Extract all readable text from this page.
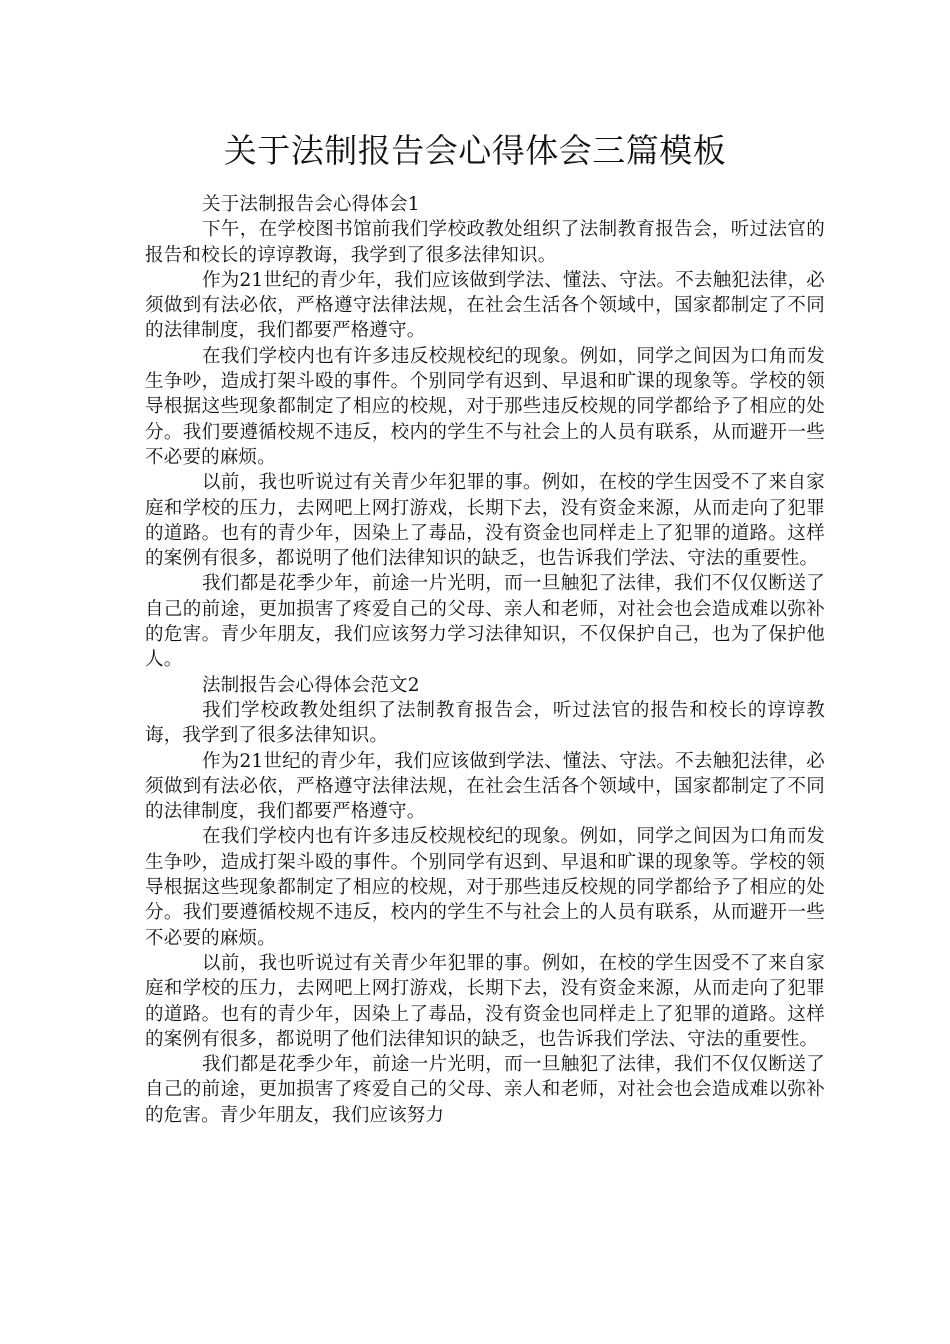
关于法制报告会心得体会三篇模板

关于法制报告会心得体会1

下午，在学校图书馆前我们学校政教处组织了法制教育报告会，听过法官的报告和校长的谆谆教诲，我学到了很多法律知识。

作为21世纪的青少年，我们应该做到学法、懂法、守法。不去触犯法律，必须做到有法必依，严格遵守法律法规，在社会生活各个领域中，国家都制定了不同的法律制度，我们都要严格遵守。

在我们学校内也有许多违反校规校纪的现象。例如，同学之间因为口角而发生争吵，造成打架斗殴的事件。个别同学有迟到、早退和旷课的现象等。学校的领导根据这些现象都制定了相应的校规，对于那些违反校规的同学都给予了相应的处分。我们要遵循校规不违反，校内的学生不与社会上的人员有联系，从而避开一些不必要的麻烦。

以前，我也听说过有关青少年犯罪的事。例如，在校的学生因受不了来自家庭和学校的压力，去网吧上网打游戏，长期下去，没有资金来源，从而走向了犯罪的道路。也有的青少年，因染上了毒品，没有资金也同样走上了犯罪的道路。这样的案例有很多，都说明了他们法律知识的缺乏，也告诉我们学法、守法的重要性。

我们都是花季少年，前途一片光明，而一旦触犯了法律，我们不仅仅断送了自己的前途，更加损害了疼爱自己的父母、亲人和老师，对社会也会造成难以弥补的危害。青少年朋友，我们应该努力学习法律知识，不仅保护自己，也为了保护他人。

法制报告会心得体会范文2

我们学校政教处组织了法制教育报告会，听过法官的报告和校长的谆谆教诲，我学到了很多法律知识。

作为21世纪的青少年，我们应该做到学法、懂法、守法。不去触犯法律，必须做到有法必依，严格遵守法律法规，在社会生活各个领域中，国家都制定了不同的法律制度，我们都要严格遵守。

在我们学校内也有许多违反校规校纪的现象。例如，同学之间因为口角而发生争吵，造成打架斗殴的事件。个别同学有迟到、早退和旷课的现象等。学校的领导根据这些现象都制定了相应的校规，对于那些违反校规的同学都给予了相应的处分。我们要遵循校规不违反，校内的学生不与社会上的人员有联系，从而避开一些不必要的麻烦。

以前，我也听说过有关青少年犯罪的事。例如，在校的学生因受不了来自家庭和学校的压力，去网吧上网打游戏，长期下去，没有资金来源，从而走向了犯罪的道路。也有的青少年，因染上了毒品，没有资金也同样走上了犯罪的道路。这样的案例有很多，都说明了他们法律知识的缺乏，也告诉我们学法、守法的重要性。

我们都是花季少年，前途一片光明，而一旦触犯了法律，我们不仅仅断送了自己的前途，更加损害了疼爱自己的父母、亲人和老师，对社会也会造成难以弥补的危害。青少年朋友，我们应该努力
